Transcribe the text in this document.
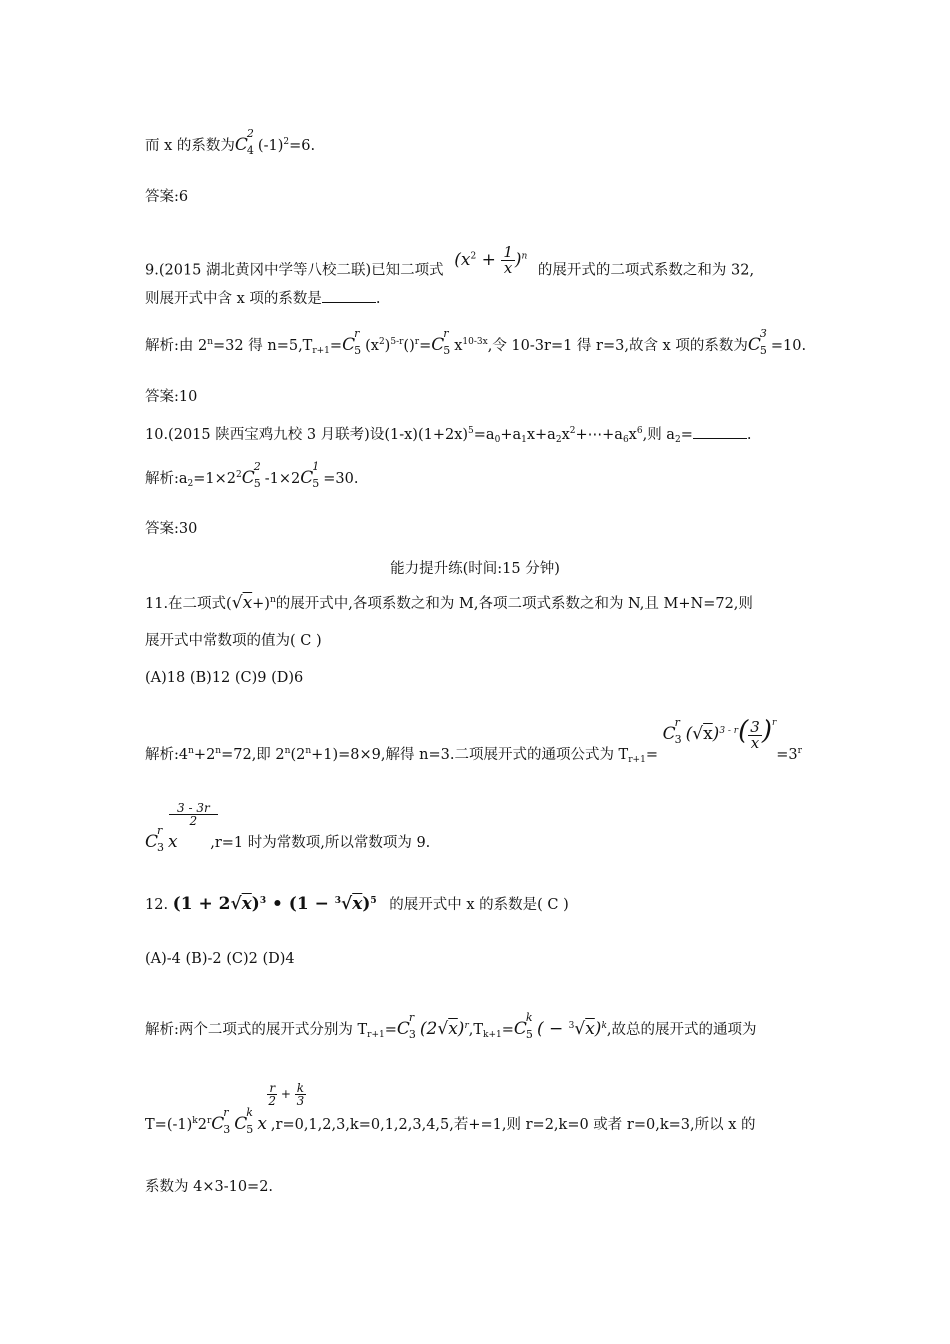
而 x 的系数为C
2
4 $(-1)^2=6$.
答案:6
9.(2015 湖北黄冈中学等八校二联)已知二项式 $(x^2 + \frac{1}{x} )^n$ 的展开式的二项式系数之和为 32,
则展开式中含 x 项的系数是	.
解析:由 $2^n=32$ 得 $n=5,T_{r+1}=C$
r
5 $(x^2)^{5-r}()^r=C$
r
5 $x^{10-3x}$,令 10-3r=1 得 r=3,故含 x 项的系数为C
3
5 =10.
答案:10
10.(2015 陕西宝鸡九校 3 月联考)设$(1-x)(1+2x)^5=a_0+a_1x+a_2x^2+\cdots+a_6x^6$,则 $a_2=$	.
解析$:a_2=1\times 2^2C$
2
5 -1×2C
1
5 =30.
答案:30
能力提升练(时间:15 分钟)
11.在二项式$(√x+)^n$的展开式中,各项系数之和为 M,各项二项式系数之和为 N,且 M+N=72,则
展开式中常数项的值为( C )
(A)18 (B)12 (C)9 (D)6
解析$:4^n+2^n=72$,即 $2^n(2^n+1)=8\times 9$,解得 n=3.二项展开式的通项公式为 $T_{r+1}= C$
r
3 $(√x)^{3 - r}( \frac{3}{x} )^r=3^r$
C
r
3 x
$\frac{3 - 3r}{2}$
,r=1 时为常数项,所以常数项为 9.
12. $(1 + 2√x)^3$ • $(1 - ^3√x)^5$ 的展开式中 x 的系数是( C )
(A)-4 (B)-2 (C)2 (D)4
解析:两个二项式的展开式分别为 $T_{r+1}=C$
r
3 $(2√x)^r,T_{k+1}=C$
k
5 ( − $^3$√x)$^k$,故总的展开式的通项为
$T=(-1)^k2^rC$
r
3 C
k
5 x
$\frac{r}{2} + \frac{k}{3}$
,r=0,1,2,3,k=0,1,2,3,4,5,若+=1,则 r=2,k=0 或者 r=0,k=3,所以 x 的
系数为 4×3-10=2.
